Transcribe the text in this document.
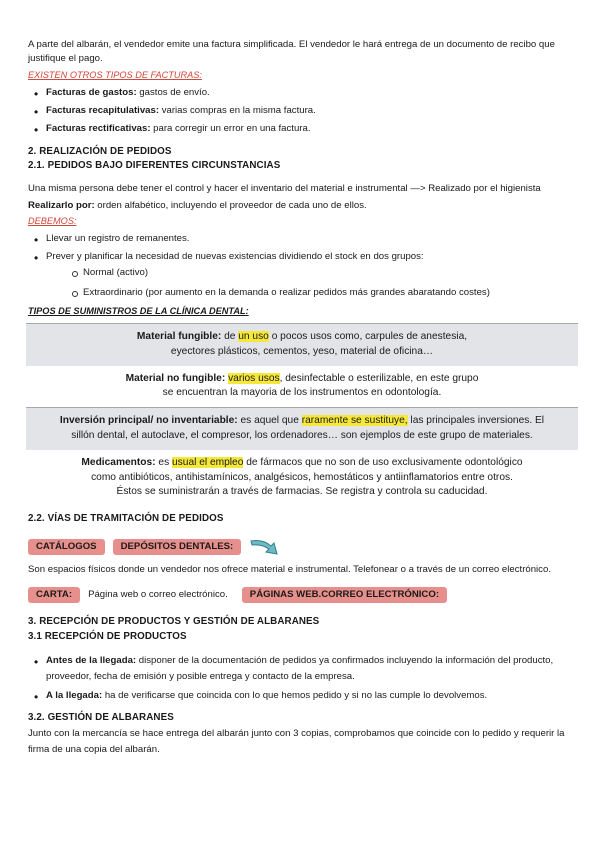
A parte del albarán, el vendedor emite una factura simplificada. El vendedor le hará entrega de un documento de recibo que justifique el pago.

EXISTEN OTROS TIPOS DE FACTURAS:

• Facturas de gastos: gastos de envío.
• Facturas recapitulativas: varias compras en la misma factura.
• Facturas rectificativas: para corregir un error en una factura.

2. REALIZACIÓN DE PEDIDOS

2.1. PEDIDOS BAJO DIFERENTES CIRCUNSTANCIAS

Una misma persona debe tener el control y hacer el inventario del material e instrumental —> Realizado por el higienista

Realizarlo por: orden alfabético, incluyendo el proveedor de cada uno de ellos.

DEBEMOS:

• Llevar un registro de remanentes.
• Prever y planificar la necesidad de nuevas existencias dividiendo el stock en dos grupos:
Normal (activo)
Extraordinario (por aumento en la demanda o realizar pedidos más grandes abaratando costes)

TIPOS DE SUMINISTROS DE LA CLÍNICA DENTAL:

Material fungible: de un uso o pocos usos como, carpules de anestesia,
eyectores plásticos, cementos, yeso, material de oficina…
Material no fungible: varios usos, desinfectable o esterilizable, en este grupo
se encuentran la mayoria de los instrumentos en odontología.
Inversión principal/ no inventariable: es aquel que raramente se sustituye, las principales inversiones. El
sillón dental, el autoclave, el compresor, los ordenadores… son ejemplos de este grupo de materiales.
Medicamentos: es usual el empleo de fármacos que no son de uso exclusivamente odontológico
como antibióticos, antihistamínicos, analgésicos, hemostáticos y antiinflamatorios entre otros.
Éstos se suministrarán a través de farmacias. Se registra y controla su caducidad.

2.2. VÍAS DE TRAMITACIÓN DE PEDIDOS

CATÁLOGOS	DEPÓSITOS DENTALES:

Son espacios físicos donde un vendedor nos ofrece material e instrumental. Telefonear o a través de un correo electrónico.

CARTA:	Página web o correo electrónico.	PÁGINAS WEB.CORREO ELECTRÓNICO:

3. RECEPCIÓN DE PRODUCTOS Y GESTIÓN DE ALBARANES

3.1 RECEPCIÓN DE PRODUCTOS

• Antes de la llegada: disponer de la documentación de pedidos ya confirmados incluyendo la información del producto, proveedor, fecha de emisión y posible entrega y contacto de la empresa.
• A la llegada: ha de verificarse que coincida con lo que hemos pedido y si no las cumple lo devolvemos.

3.2. GESTIÓN DE ALBARANES

Junto con la mercancía se hace entrega del albarán junto con 3 copias, comprobamos que coincide con lo pedido y requerir la firma de una copia del albarán.
